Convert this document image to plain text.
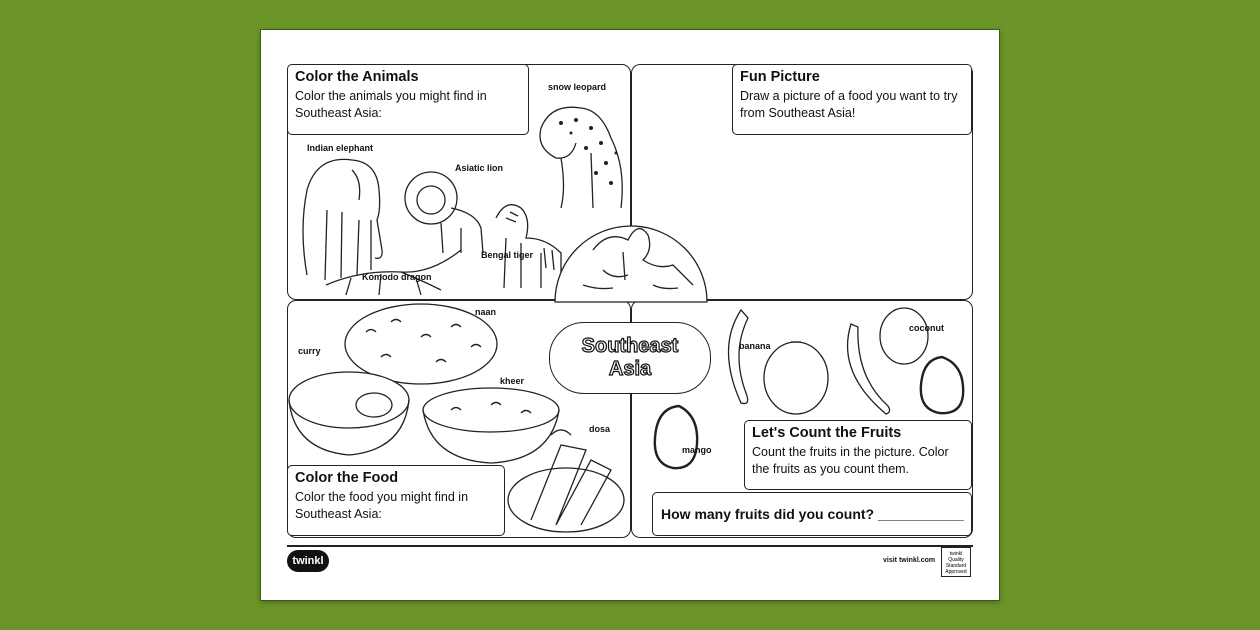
snow leopard
Indian elephant
Asiatic lion
Bengal tiger
Komodo dragon
Color the Animals

Color the animals you might find in Southeast Asia:

Fun Picture

Draw a picture of a food you want to try from Southeast Asia!

naan
curry
kheer
dosa
Color the Food

Color the food you might find in Southeast Asia:

banana
coconut
mango
Let's Count the Fruits

Count the fruits in the picture. Color the fruits as you count them.

How many fruits did you count? ___________
Southeast
Asia
twinkl	visit twinkl.com
twinkl Quality Standard Approved
